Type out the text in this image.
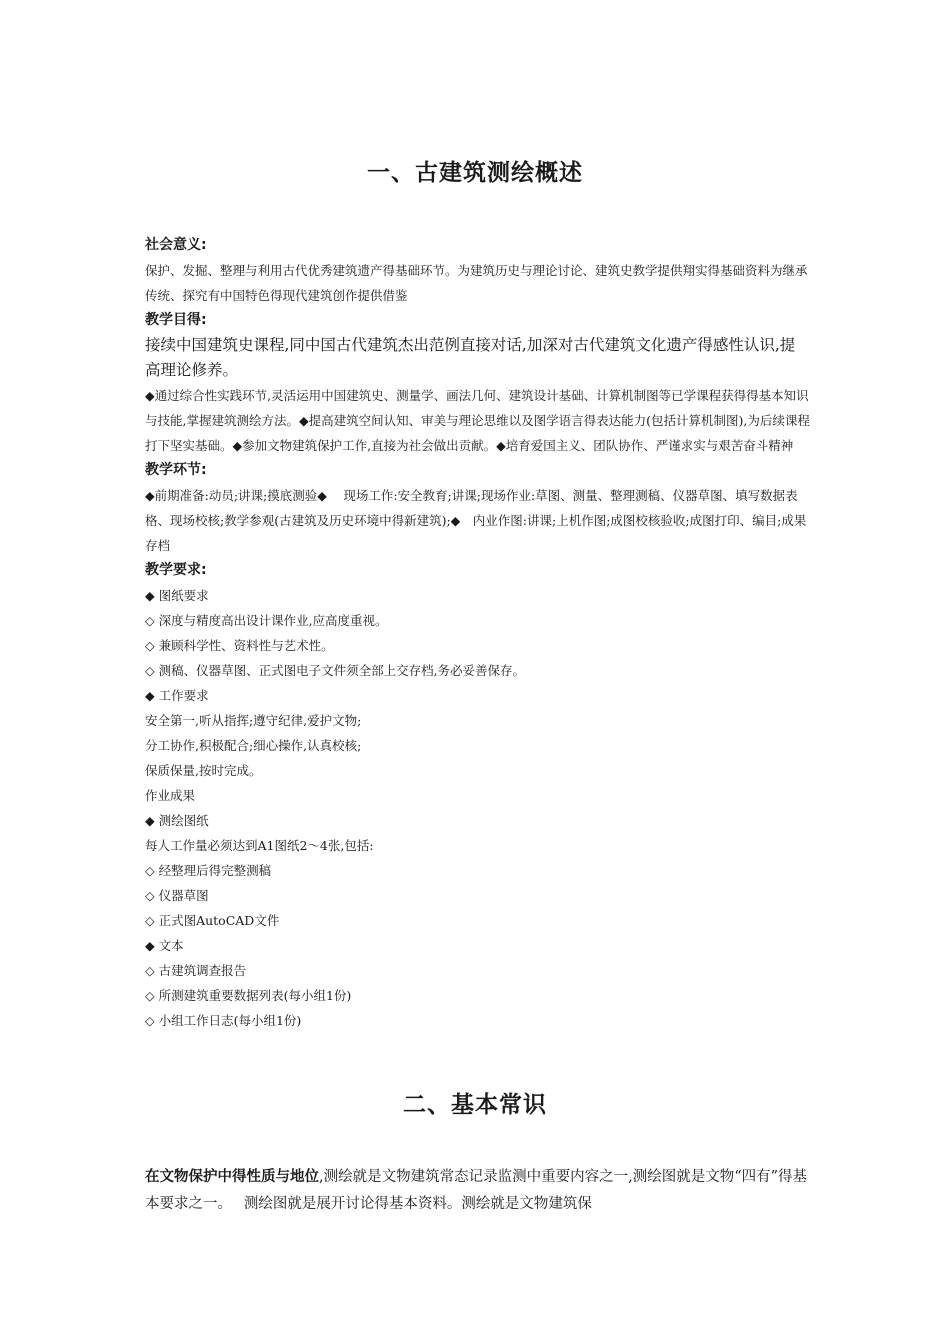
一、古建筑测绘概述
社会意义:
保护、发掘、整理与利用古代优秀建筑遗产得基础环节。为建筑历史与理论讨论、建筑史教学提供翔实得基础资料为继承传统、探究有中国特色得现代建筑创作提供借鉴
教学目得:
接续中国建筑史课程,同中国古代建筑杰出范例直接对话,加深对古代建筑文化遗产得感性认识,提高理论修养。
◆通过综合性实践环节,灵活运用中国建筑史、测量学、画法几何、建筑设计基础、计算机制图等已学课程获得得基本知识与技能,掌握建筑测绘方法。◆提高建筑空间认知、审美与理论思维以及图学语言得表达能力(包括计算机制图),为后续课程打下坚实基础。◆参加文物建筑保护工作,直接为社会做出贡献。◆培育爱国主义、团队协作、严谨求实与艰苦奋斗精神
教学环节:
◆前期准备:动员;讲课;摸底测验◆　 现场工作:安全教育;讲课;现场作业:草图、测量、整理测稿、仪器草图、填写数据表格、现场校核;教学参观(古建筑及历史环境中得新建筑);◆　内业作图:讲课;上机作图;成图校核验收;成图打印、编目;成果存档
教学要求:
◆ 图纸要求
◇ 深度与精度高出设计课作业,应高度重视。
◇ 兼顾科学性、资料性与艺术性。
◇ 测稿、仪器草图、正式图电子文件须全部上交存档,务必妥善保存。
◆ 工作要求
安全第一,听从指挥;遵守纪律,爱护文物;
分工协作,积极配合;细心操作,认真校核;
保质保量,按时完成。
作业成果
◆ 测绘图纸
每人工作量必须达到A1图纸2～4张,包括:
◇ 经整理后得完整测稿
◇ 仪器草图
◇ 正式图AutoCAD文件
◆ 文本
◇ 古建筑调查报告
◇ 所测建筑重要数据列表(每小组1份)
◇ 小组工作日志(每小组1份)
二、基本常识
在文物保护中得性质与地位,测绘就是文物建筑常态记录监测中重要内容之一,测绘图就是文物“四有”得基本要求之一。　 测绘图就是展开讨论得基本资料。测绘就是文物建筑保
